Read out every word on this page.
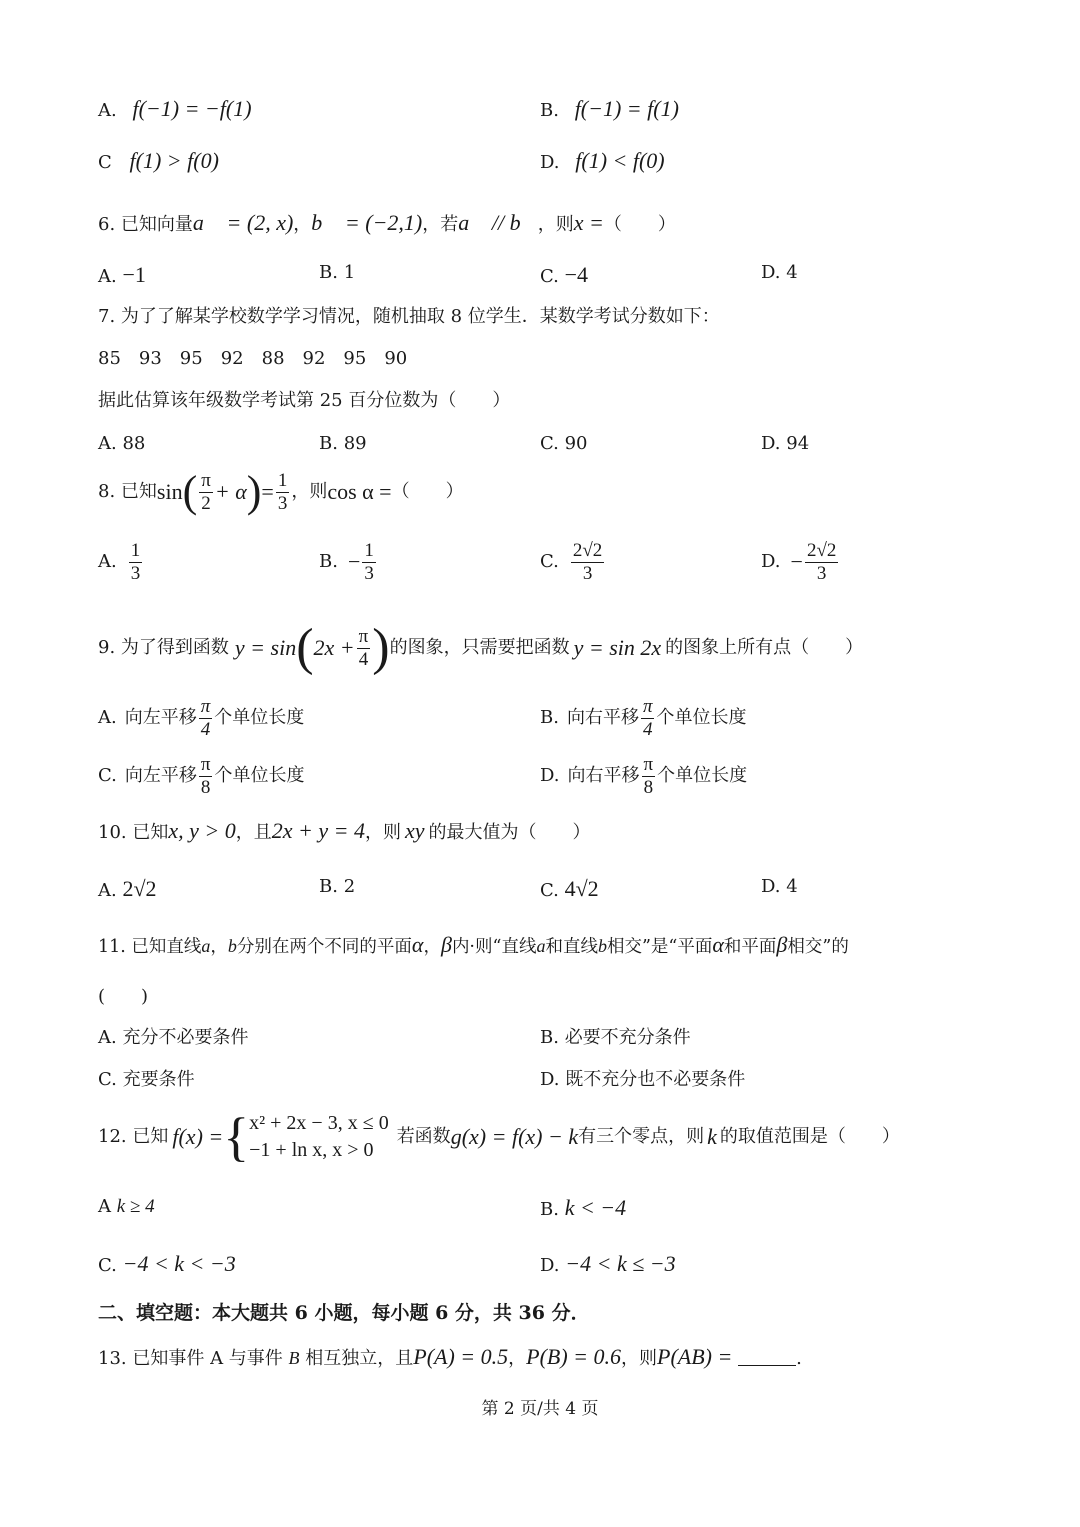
A. f(−1) = −f(1)	B. f(−1) = f(1)
C f(1) > f(0)	D. f(1) < f(0)
6. 已知向量a⃗ = (2, x)，b⃗ = (−2,1)，若a⃗ // b⃗，则x =（　　）
A. −1	B. 1	C. −4	D. 4
7. 为了了解某学校数学学习情况，随机抽取 8 位学生．某数学考试分数如下：
85　93　95　92　88　92　95　90
据此估算该年级数学考试第 25 百分位数为（　　）
A. 88	B. 89	C. 90	D. 94
8. 已知 sin ( $\frac{\pi}{2} + \alpha$ ) = $\frac{1}{3}$ ，则 cos α = （　　）
A. $\frac{1}{3}$	B. − $\frac{1}{3}$	C. $\frac{2√2}{3}$	D. − $\frac{2√2}{3}$
9. 为了得到函数 y = sin ( $2x + \frac{\pi}{4}$ ) 的图象，只需要把函数 y = sin 2x 的图象上所有点（　　）
A. 向左平移 $\frac{\pi}{4}$ 个单位长度	B. 向右平移 $\frac{\pi}{4}$ 个单位长度
C. 向左平移 $\frac{\pi}{8}$ 个单位长度	D. 向右平移 $\frac{\pi}{8}$ 个单位长度
10. 已知x, y > 0，且2x + y = 4，则 xy 的最大值为（　　）
A. 2√2	B. 2	C. 4√2	D. 4
11. 已知直线a，b分别在两个不同的平面α，β内·则“直线a和直线b相交”是“平面α和平面β相交”的
(　　)
A. 充分不必要条件	B. 必要不充分条件
C. 充要条件	D. 既不充分也不必要条件
12. 已知 f(x) = { x² + 2x − 3, x ≤ 0
−1 + ln x, x > 0
若函数 g(x) = f(x) − k 有三个零点，则 k 的取值范围是（　　）
A k ≥ 4	B. k < −4
C. −4 < k < −3	D. −4 < k ≤ −3
二、填空题：本大题共 6 小题，每小题 6 分，共 36 分．
13. 已知事件 A 与事件 B 相互独立，且P(A) = 0.5，P(B) = 0.6，则P(AB) =	.
第 2 页/共 4 页
